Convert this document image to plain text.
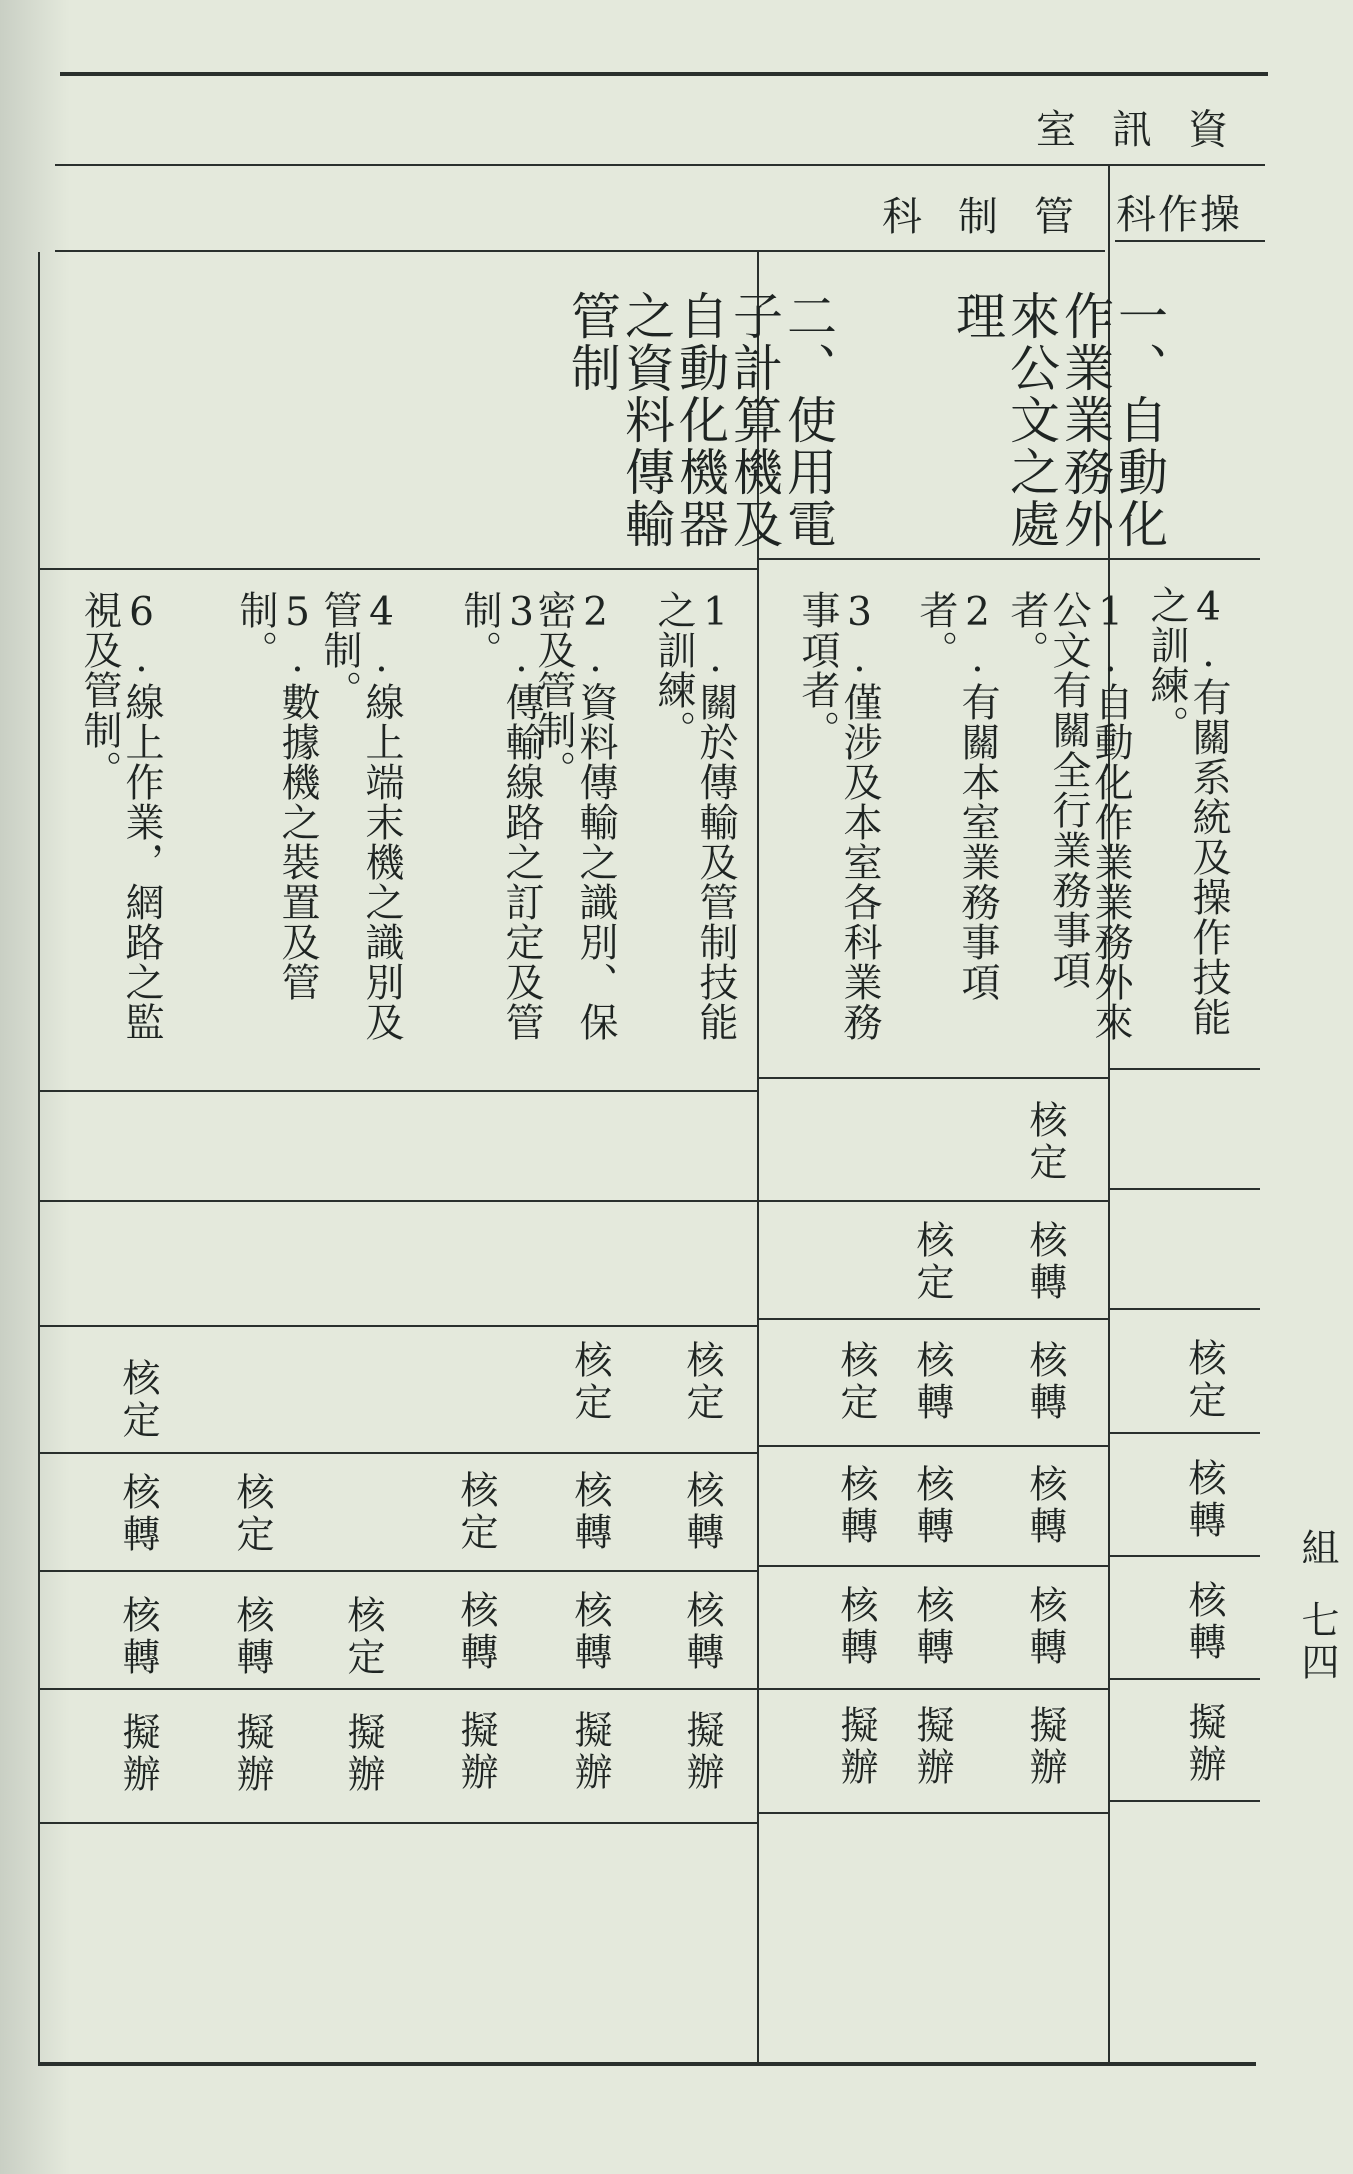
資訊室
管制科 操作科
一、自動化作業業務外來公文之處理
二、使用電子計算機及自動化機器之資料傳輸管制
4.有關系統及操作技能之訓練。
1.自動化作業業務外來公文有關全行業務事項者。
2.有關本室業務事項者。
3.僅涉及本室各科業務事項者。
1.關於傳輸及管制技能之訓練。
2.資料傳輸之識別、保密及管制。
3.傳輸線路之訂定及管制。
4.線上端末機之識別及管制。
5.數據機之裝置及管制。
6.線上作業，網路之監視及管制。
核定
核轉
核轉
擬辦
核定
核轉
核轉
核轉
核轉
擬辦
核定
核轉
核轉
核轉
擬辦
核定
核轉
核轉
擬辦
核定
核轉
核轉
擬辦
核定
核轉
核轉
擬辦
核定
核轉
擬辦
核定
擬辦
核定
核轉
擬辦
核定
核轉
核轉
擬辦
組
七四
